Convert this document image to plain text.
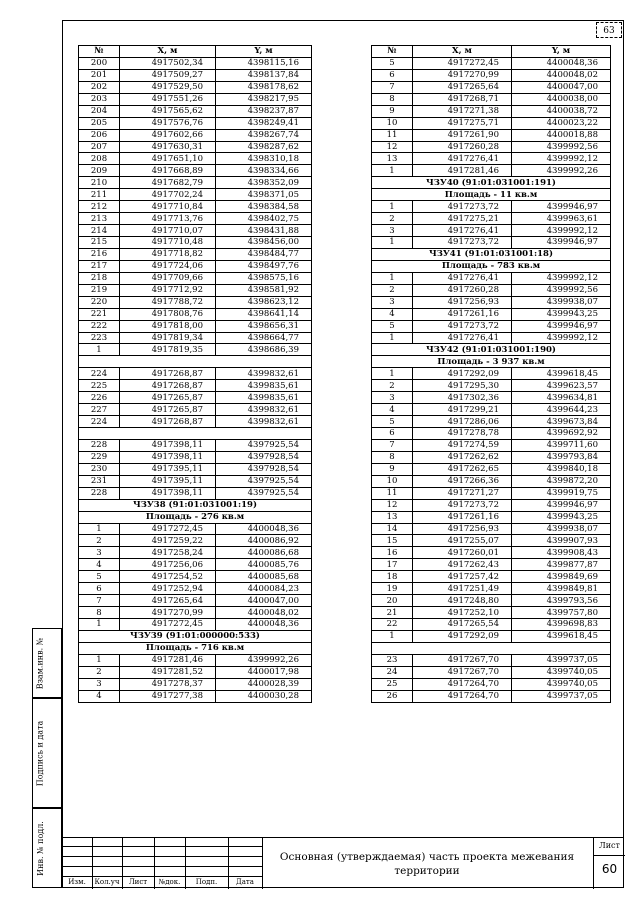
63
№	X, м	Y, м
200	4917502,34	4398115,16
201	4917509,27	4398137,84
202	4917529,50	4398178,62
203	4917551,26	4398217,95
204	4917565,62	4398237,87
205	4917576,76	4398249,41
206	4917602,66	4398267,74
207	4917630,31	4398287,62
208	4917651,10	4398310,18
209	4917668,89	4398334,66
210	4917682,79	4398352,09
211	4917702,24	4398371,05
212	4917710,84	4398384,58
213	4917713,76	4398402,75
214	4917710,07	4398431,88
215	4917710,48	4398456,00
216	4917718,82	4398484,77
217	4917724,06	4398497,76
218	4917709,66	4398575,16
219	4917712,92	4398581,92
220	4917788,72	4398623,12
221	4917808,76	4398641,14
222	4917818,00	4398656,31
223	4917819,34	4398664,77
1	4917819,35	4398686,39

224	4917268,87	4399832,61
225	4917268,87	4399835,61
226	4917265,87	4399835,61
227	4917265,87	4399832,61
224	4917268,87	4399832,61

228	4917398,11	4397925,54
229	4917398,11	4397928,54
230	4917395,11	4397928,54
231	4917395,11	4397925,54
228	4917398,11	4397925,54
ЧЗУ38 (91:01:031001:19)		
Площадь - 276 кв.м		
1	4917272,45	4400048,36
2	4917259,22	4400086,92
3	4917258,24	4400086,68
4	4917256,06	4400085,76
5	4917254,52	4400085,68
6	4917252,94	4400084,23
7	4917265,64	4400047,00
8	4917270,99	4400048,02
1	4917272,45	4400048,36
ЧЗУ39 (91:01:000000:533)		
Площадь - 716 кв.м		
1	4917281,46	4399992,26
2	4917281,52	4400017,98
3	4917278,37	4400028,39
4	4917277,38	4400030,28
№	X, м	Y, м
5	4917272,45	4400048,36
6	4917270,99	4400048,02
7	4917265,64	4400047,00
8	4917268,71	4400038,00
9	4917271,38	4400038,72
10	4917275,71	4400023,22
11	4917261,90	4400018,88
12	4917260,28	4399992,56
13	4917276,41	4399992,12
1	4917281,46	4399992,26
ЧЗУ40 (91:01:031001:191)		
Площадь - 11 кв.м		
1	4917273,72	4399946,97
2	4917275,21	4399963,61
3	4917276,41	4399992,12
1	4917273,72	4399946,97
ЧЗУ41 (91:01:031001:18)		
Площадь - 783 кв.м		
1	4917276,41	4399992,12
2	4917260,28	4399992,56
3	4917256,93	4399938,07
4	4917261,16	4399943,25
5	4917273,72	4399946,97
1	4917276,41	4399992,12
ЧЗУ42 (91:01:031001:190)		
Площадь - 3 937 кв.м		
1	4917292,09	4399618,45
2	4917295,30	4399623,57
3	4917302,36	4399634,81
4	4917299,21	4399644,23
5	4917286,06	4399673,84
6	4917278,78	4399692,92
7	4917274,59	4399711,60
8	4917262,62	4399793,84
9	4917262,65	4399840,18
10	4917266,36	4399872,20
11	4917271,27	4399919,75
12	4917273,72	4399946,97
13	4917261,16	4399943,25
14	4917256,93	4399938,07
15	4917255,07	4399907,93
16	4917260,01	4399908,43
17	4917262,43	4399877,87
18	4917257,42	4399849,69
19	4917251,49	4399849,81
20	4917248,80	4399793,56
21	4917252,10	4399757,80
22	4917265,54	4399698,83
1	4917292,09	4399618,45

23	4917267,70	4399737,05
24	4917267,70	4399740,05
25	4917264,70	4399740,05
26	4917264,70	4399737,05
Взам.инв. №
Подпись и дата
Инв. № подл.
Изм.	Кол.уч	Лист	№док.	Подп.	Дата
Основная (утверждаемая) часть проекта межевания территории
Лист
60
